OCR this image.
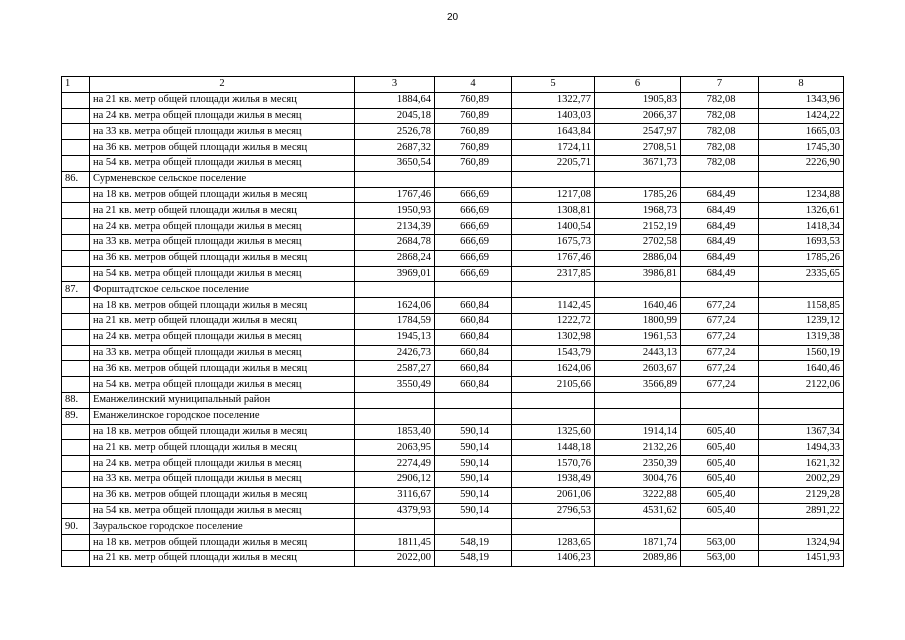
20
1	2	3	4	5	6	7	8
	на 21 кв. метр общей площади жилья в месяц	1884,64	760,89	1322,77	1905,83	782,08	1343,96
	на 24 кв. метра общей площади жилья в месяц	2045,18	760,89	1403,03	2066,37	782,08	1424,22
	на 33 кв. метра общей площади жилья в месяц	2526,78	760,89	1643,84	2547,97	782,08	1665,03
	на 36 кв. метров общей площади жилья в месяц	2687,32	760,89	1724,11	2708,51	782,08	1745,30
	на 54 кв. метра общей площади жилья в месяц	3650,54	760,89	2205,71	3671,73	782,08	2226,90
86.	Сурменевское сельское поселение						
	на 18 кв. метров общей площади жилья в месяц	1767,46	666,69	1217,08	1785,26	684,49	1234,88
	на 21 кв. метр общей площади жилья в месяц	1950,93	666,69	1308,81	1968,73	684,49	1326,61
	на 24 кв. метра общей площади жилья в месяц	2134,39	666,69	1400,54	2152,19	684,49	1418,34
	на 33 кв. метра общей площади жилья в месяц	2684,78	666,69	1675,73	2702,58	684,49	1693,53
	на 36 кв. метров общей площади жилья в месяц	2868,24	666,69	1767,46	2886,04	684,49	1785,26
	на 54 кв. метра общей площади жилья в месяц	3969,01	666,69	2317,85	3986,81	684,49	2335,65
87.	Форштадтское сельское поселение						
	на 18 кв. метров общей площади жилья в месяц	1624,06	660,84	1142,45	1640,46	677,24	1158,85
	на 21 кв. метр общей площади жилья в месяц	1784,59	660,84	1222,72	1800,99	677,24	1239,12
	на 24 кв. метра общей площади жилья в месяц	1945,13	660,84	1302,98	1961,53	677,24	1319,38
	на 33 кв. метра общей площади жилья в месяц	2426,73	660,84	1543,79	2443,13	677,24	1560,19
	на 36 кв. метров общей площади жилья в месяц	2587,27	660,84	1624,06	2603,67	677,24	1640,46
	на 54 кв. метра общей площади жилья в месяц	3550,49	660,84	2105,66	3566,89	677,24	2122,06
88.	Еманжелинский муниципальный район						
89.	Еманжелинское городское поселение						
	на 18 кв. метров общей площади жилья в месяц	1853,40	590,14	1325,60	1914,14	605,40	1367,34
	на 21 кв. метр общей площади жилья в месяц	2063,95	590,14	1448,18	2132,26	605,40	1494,33
	на 24 кв. метра общей площади жилья в месяц	2274,49	590,14	1570,76	2350,39	605,40	1621,32
	на 33 кв. метра общей площади жилья в месяц	2906,12	590,14	1938,49	3004,76	605,40	2002,29
	на 36 кв. метров общей площади жилья в месяц	3116,67	590,14	2061,06	3222,88	605,40	2129,28
	на 54 кв. метра общей площади жилья в месяц	4379,93	590,14	2796,53	4531,62	605,40	2891,22
90.	Зауральское городское поселение						
	на 18 кв. метров общей площади жилья в месяц	1811,45	548,19	1283,65	1871,74	563,00	1324,94
	на 21 кв. метр общей площади жилья в месяц	2022,00	548,19	1406,23	2089,86	563,00	1451,93
